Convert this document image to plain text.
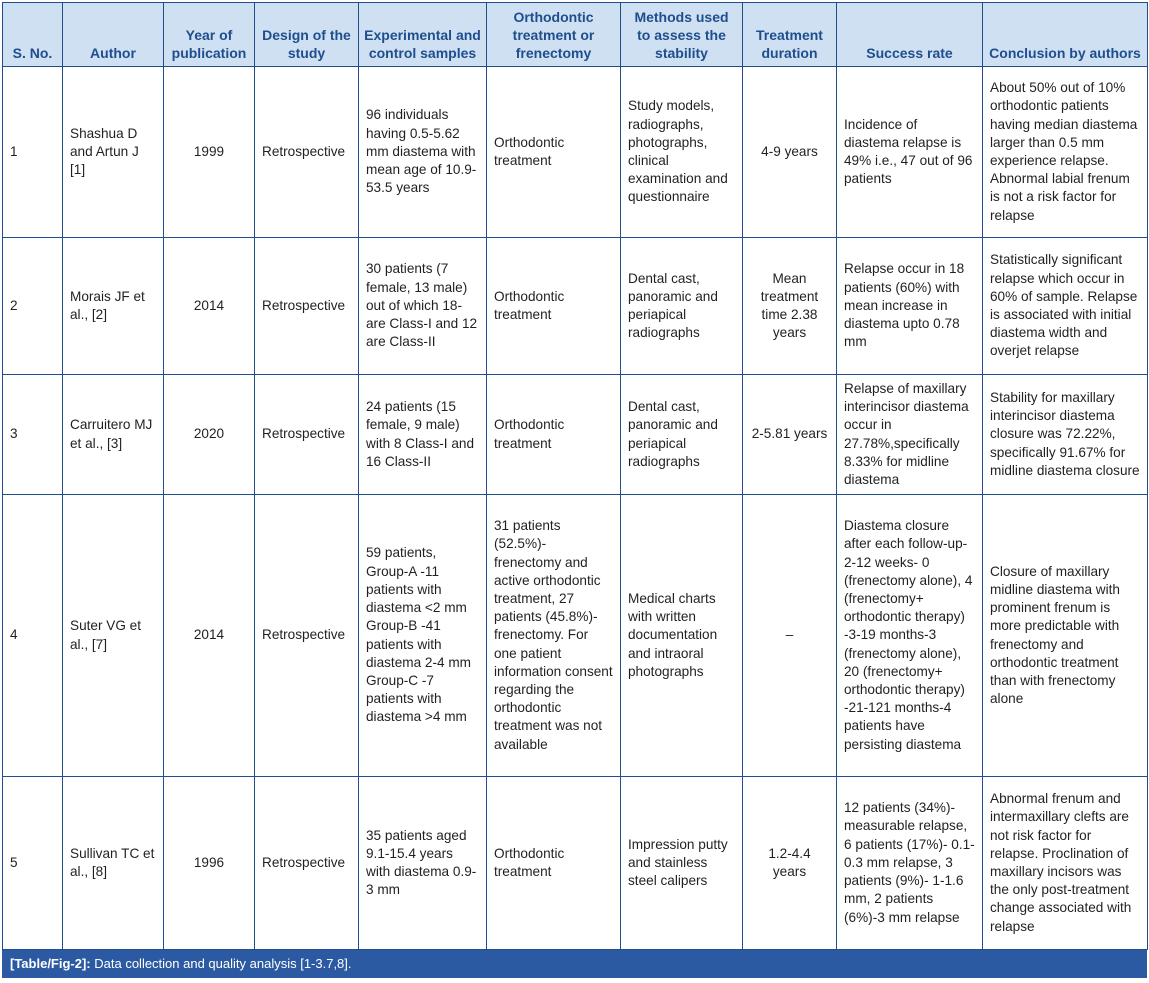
S. No.	Author	Year of publication	Design of the study	Experimental and control samples	Orthodontic treatment or frenectomy	Methods used to assess the stability	Treatment duration	Success rate	Conclusion by authors
1	Shashua D and Artun J [1]	1999	Retrospective	96 individuals having 0.5-5.62 mm diastema with mean age of 10.9-53.5 years	Orthodontic treatment	Study models, radiographs, photographs, clinical examination and questionnaire	4-9 years	Incidence of diastema relapse is 49% i.e., 47 out of 96 patients	About 50% out of 10% orthodontic patients having median diastema larger than 0.5 mm experience relapse. Abnormal labial frenum is not a risk factor for relapse
2	Morais JF et al., [2]	2014	Retrospective	30 patients (7 female, 13 male) out of which 18- are Class-I and 12 are Class-II	Orthodontic treatment	Dental cast, panoramic and periapical radiographs	Mean treatment time 2.38 years	Relapse occur in 18 patients (60%) with mean increase in diastema upto 0.78 mm	Statistically significant relapse which occur in 60% of sample. Relapse is associated with initial diastema width and overjet relapse
3	Carruitero MJ et al., [3]	2020	Retrospective	24 patients (15 female, 9 male) with 8 Class-I and 16 Class-II	Orthodontic treatment	Dental cast, panoramic and periapical radiographs	2-5.81 years	Relapse of maxillary interincisor diastema occur in 27.78%,specifically 8.33% for midline diastema	Stability for maxillary interincisor diastema closure was 72.22%, specifically 91.67% for midline diastema closure
4	Suter VG et al., [7]	2014	Retrospective	59 patients, Group-A -11 patients with diastema <2 mm Group-B -41 patients with diastema 2-4 mm Group-C -7 patients with diastema >4 mm	31 patients (52.5%)- frenectomy and active orthodontic treatment, 27 patients (45.8%)- frenectomy. For one patient information consent regarding the orthodontic treatment was not available	Medical charts with written documentation and intraoral photographs	–	Diastema closure after each follow-up- 2-12 weeks- 0 (frenectomy alone), 4 (frenectomy+ orthodontic therapy) -3-19 months-3 (frenectomy alone), 20 (frenectomy+ orthodontic therapy) -21-121 months-4 patients have persisting diastema	Closure of maxillary midline diastema with prominent frenum is more predictable with frenectomy and orthodontic treatment than with frenectomy alone
5	Sullivan TC et al., [8]	1996	Retrospective	35 patients aged 9.1-15.4 years with diastema 0.9-3 mm	Orthodontic treatment	Impression putty and stainless steel calipers	1.2-4.4 years	12 patients (34%)- measurable relapse, 6 patients (17%)- 0.1-0.3 mm relapse, 3 patients (9%)- 1-1.6 mm, 2 patients (6%)-3 mm relapse	Abnormal frenum and intermaxillary clefts are not risk factor for relapse. Proclination of maxillary incisors was the only post-treatment change associated with relapse
[Table/Fig-2]: Data collection and quality analysis [1-3.7,8].
